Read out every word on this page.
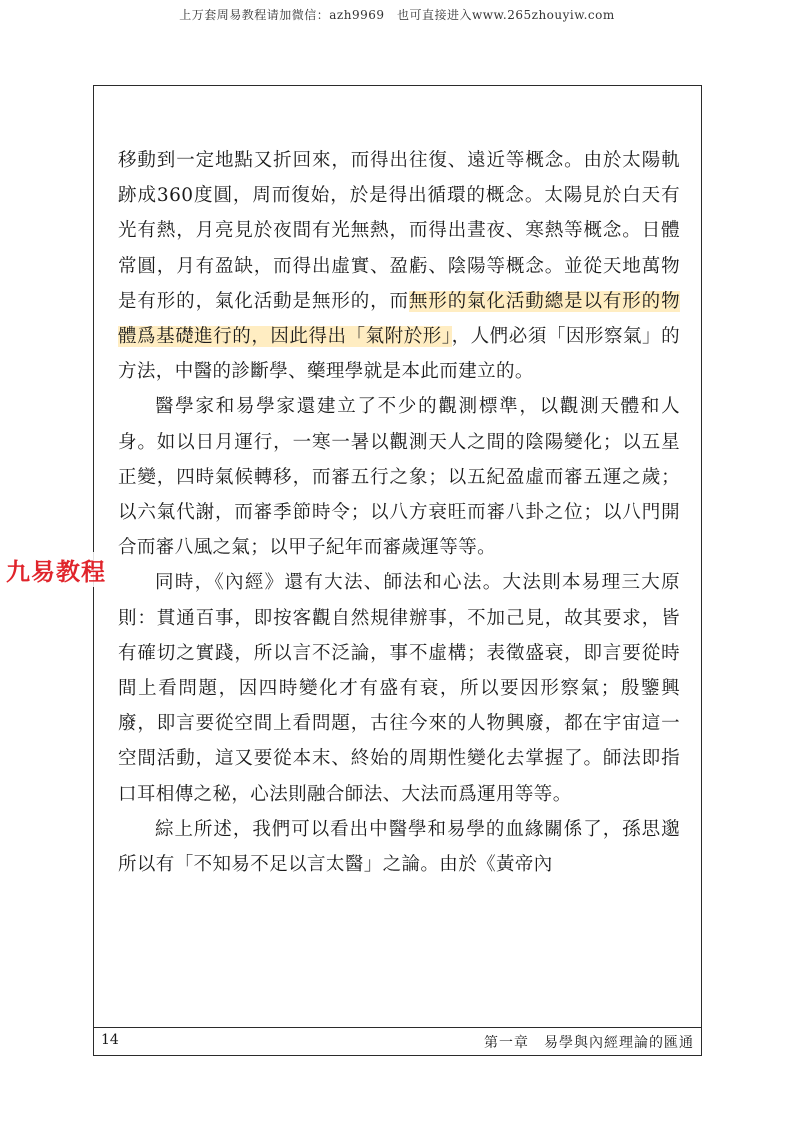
上万套周易教程请加微信：azh9969　也可直接进入www.265zhouyiw.com

移動到一定地點又折回來，而得出往復、遠近等概念。由於太陽軌跡成360度圓，周而復始，於是得出循環的概念。太陽見於白天有光有熱，月亮見於夜間有光無熱，而得出晝夜、寒熱等概念。日體常圓，月有盈缺，而得出虛實、盈虧、陰陽等概念。並從天地萬物是有形的，氣化活動是無形的，而無形的氣化活動總是以有形的物體爲基礎進行的，因此得出「氣附於形」，人們必須「因形察氣」的方法，中醫的診斷學、藥理學就是本此而建立的。

醫學家和易學家還建立了不少的觀測標準，以觀測天體和人身。如以日月運行，一寒一暑以觀測天人之間的陰陽變化；以五星正變，四時氣候轉移，而審五行之象；以五紀盈虛而審五運之歲；以六氣代謝，而審季節時令；以八方衰旺而審八卦之位；以八門開合而審八風之氣；以甲子紀年而審歲運等等。

同時，《內經》還有大法、師法和心法。大法則本易理三大原則：貫通百事，即按客觀自然規律辦事，不加己見，故其要求，皆有確切之實踐，所以言不泛論，事不虛構；表徵盛衰，即言要從時間上看問題，因四時變化才有盛有衰，所以要因形察氣；殷鑒興廢，即言要從空間上看問題，古往今來的人物興廢，都在宇宙這一空間活動，這又要從本末、終始的周期性變化去掌握了。師法即指口耳相傳之秘，心法則融合師法、大法而爲運用等等。

綜上所述，我們可以看出中醫學和易學的血緣關係了，孫思邈所以有「不知易不足以言太醫」之論。由於《黃帝內

九易教程
14	第一章　易學與內經理論的匯通
